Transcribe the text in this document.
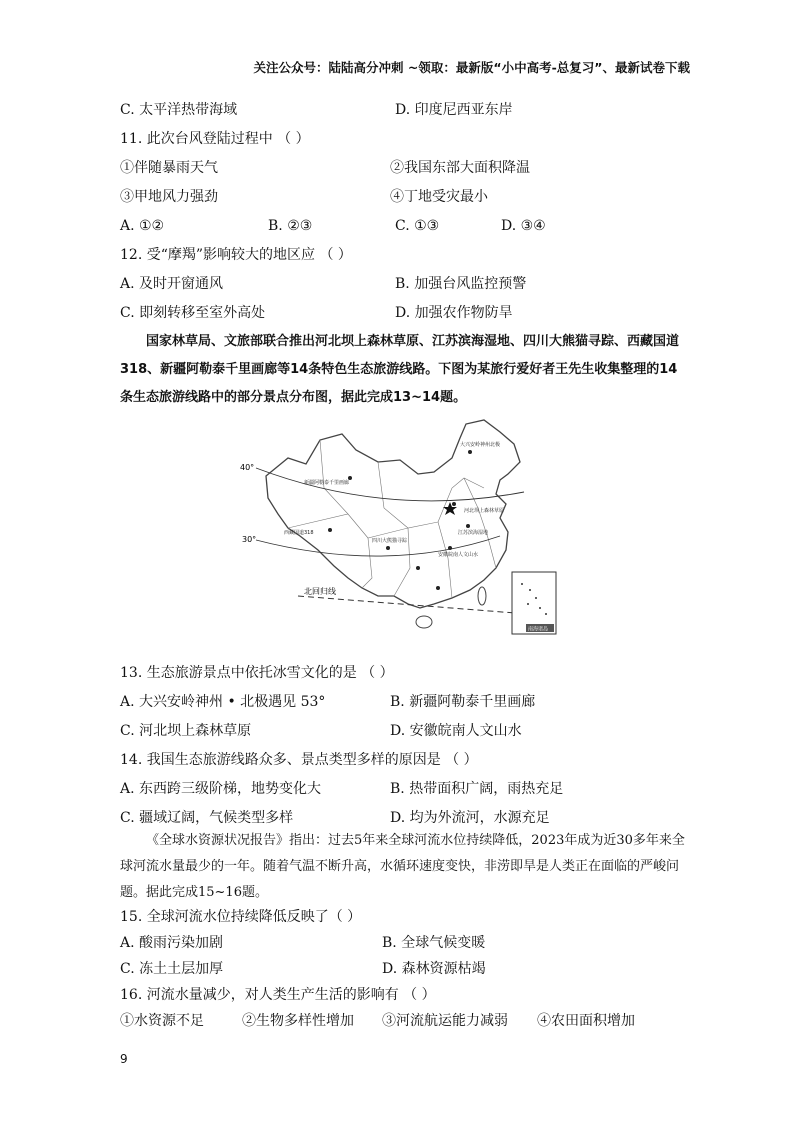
关注公众号：陆陆高分冲刺 ~领取：最新版“小中高考-总复习”、最新试卷下载
C. 太平洋热带海域	D. 印度尼西亚东岸
11. 此次台风登陆过程中 （ ）
①伴随暴雨天气	②我国东部大面积降温
③甲地风力强劲	④丁地受灾最小
A. ①②	B. ②③	C. ①③	D. ③④
12. 受“摩羯”影响较大的地区应 （ ）
A. 及时开窗通风	B. 加强台风监控预警
C. 即刻转移至室外高处	D. 加强农作物防旱
国家林草局、文旅部联合推出河北坝上森林草原、江苏滨海湿地、四川大熊猫寻踪、西藏国道318、新疆阿勒泰千里画廊等14条特色生态旅游线路。下图为某旅行爱好者王先生收集整理的14条生态旅游线路中的部分景点分布图，据此完成13~14题。
40°
30°
北回归线
新疆阿勒泰千里画廊
大兴安岭神州北极
河北坝上森林草原
西藏国道318
四川大熊猫寻踪
安徽皖南人文山水
江苏滨海湿地
南海诸岛
13. 生态旅游景点中依托冰雪文化的是 （ ）
A. 大兴安岭神州 • 北极遇见 53°	B. 新疆阿勒泰千里画廊
C. 河北坝上森林草原	D. 安徽皖南人文山水
14. 我国生态旅游线路众多、景点类型多样的原因是 （ ）
A. 东西跨三级阶梯，地势变化大	B. 热带面积广阔，雨热充足
C. 疆域辽阔，气候类型多样	D. 均为外流河，水源充足
《全球水资源状况报告》指出：过去5年来全球河流水位持续降低，2023年成为近30多年来全球河流水量最少的一年。随着气温不断升高，水循环速度变快，非涝即旱是人类正在面临的严峻问题。据此完成15~16题。
15. 全球河流水位持续降低反映了（ ）
A. 酸雨污染加剧	B. 全球气候变暖
C. 冻土土层加厚	D. 森林资源枯竭
16. 河流水量减少，对人类生产生活的影响有 （ ）
①水资源不足	②生物多样性增加 ③河流航运能力减弱 ④农田面积增加
9
